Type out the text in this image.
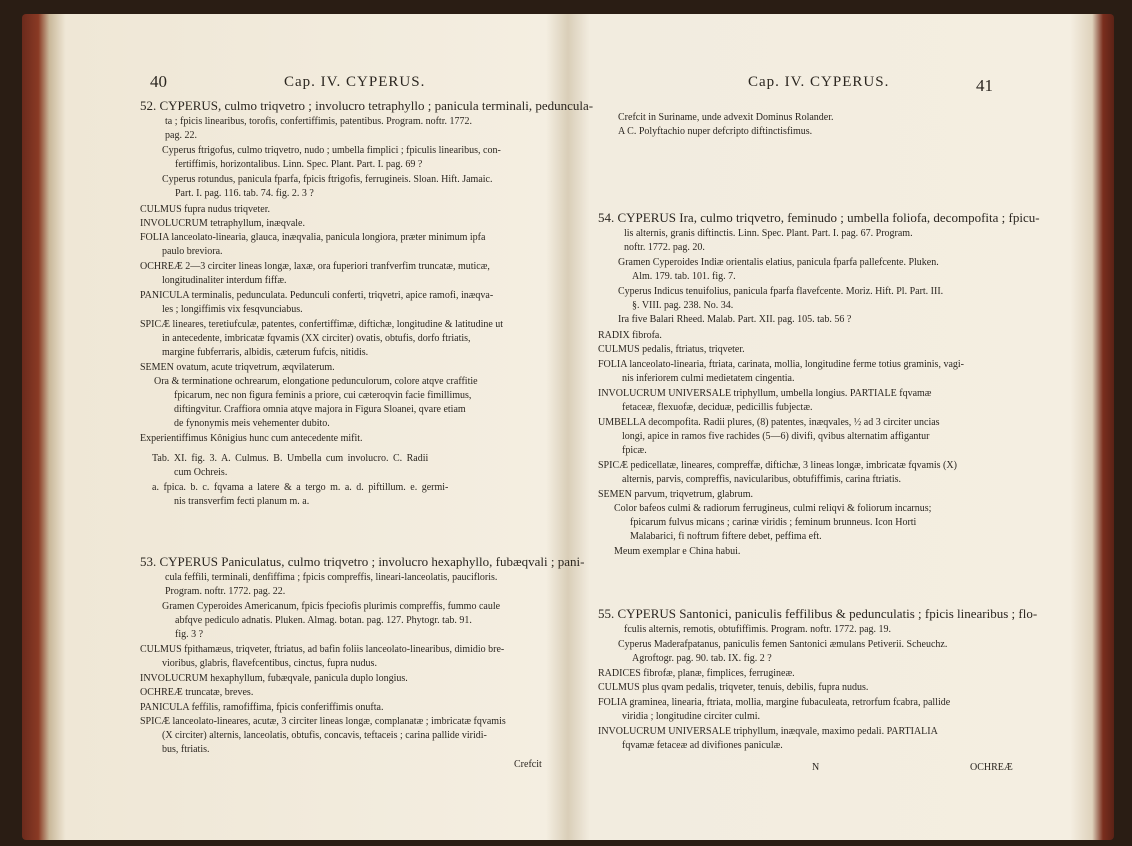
40	Cap. IV. CYPERUS.
52. CYPERUS, culmo triqvetro ; involucro tetraphyllo ; panicula terminali, peduncula-
ta ; fpicis linearibus, torofis, confertiffimis, patentibus. Program. noftr. 1772.
pag. 22.
Cyperus ftrigofus, culmo triqvetro, nudo ; umbella fimplici ; fpiculis linearibus, con-
fertiffimis, horizontalibus. Linn. Spec. Plant. Part. I. pag. 69 ?
Cyperus rotundus, panicula fparfa, fpicis ftrigofis, ferrugineis. Sloan. Hift. Jamaic.
Part. I. pag. 116. tab. 74. fig. 2. 3 ?
CULMUS fupra nudus triqveter.
INVOLUCRUM tetraphyllum, inæqvale.
FOLIA lanceolato-linearia, glauca, inæqvalia, panicula longiora, præter minimum ipfa
paulo breviora.
OCHREÆ 2—3 circiter lineas longæ, laxæ, ora fuperiori tranfverfim truncatæ, muticæ,
longitudinaliter interdum fiffæ.
PANICULA terminalis, pedunculata. Pedunculi conferti, triqvetri, apice ramofi, inæqva-
les ; longiffimis vix fesqvunciabus.
SPICÆ lineares, teretiufculæ, patentes, confertiffimæ, diftichæ, longitudine & latitudine ut
in antecedente, imbricatæ fqvamis (XX circiter) ovatis, obtufis, dorfo ftriatis,
margine fubferraris, albidis, cæterum fufcis, nitidis.
SEMEN ovatum, acute triqvetrum, æqvilaterum.
Ora & terminatione ochrearum, elongatione pedunculorum, colore atqve craffitie
fpicarum, nec non figura feminis a priore, cui cæteroqvin facie fimillimus,
diftingvitur. Craffiora omnia atqve majora in Figura Sloanei, qvare etiam
de fynonymis meis vehementer dubito.
Experientiffimus Kônigius hunc cum antecedente mifit.
Tab. XI. fig. 3. A. Culmus. B. Umbella cum involucro. C. Radii
cum Ochreis.
a. fpica. b. c. fqvama a latere & a tergo m. a. d. piftillum. e. germi-
nis transverfim fecti planum m. a.
53. CYPERUS Paniculatus, culmo triqvetro ; involucro hexaphyllo, fubæqvali ; pani-
cula feffili, terminali, denfiffima ; fpicis compreffis, lineari-lanceolatis, paucifloris.
Program. noftr. 1772. pag. 22.
Gramen Cyperoides Americanum, fpicis fpeciofis plurimis compreffis, fummo caule
abfqve pediculo adnatis. Pluken. Almag. botan. pag. 127. Phytogr. tab. 91.
fig. 3 ?
CULMUS fpithamæus, triqveter, ftriatus, ad bafin foliis lanceolato-linearibus, dimidio bre-
vioribus, glabris, flavefcentibus, cinctus, fupra nudus.
INVOLUCRUM hexaphyllum, fubæqvale, panicula duplo longius.
OCHREÆ truncatæ, breves.
PANICULA feffilis, ramofiffima, fpicis conferiffimis onufta.
SPICÆ lanceolato-lineares, acutæ, 3 circiter lineas longæ, complanatæ ; imbricatæ fqvamis
(X circiter) alternis, lanceolatis, obtufis, concavis, teftaceis ; carina pallide viridi-
bus, ftriatis.
Crefcit
Cap. IV. CYPERUS.	41
Crefcit in Suriname, unde advexit Dominus Rolander.
A C. Polyftachio nuper defcripto diftinctisfimus.
54. CYPERUS Ira, culmo triqvetro, feminudo ; umbella foliofa, decompofita ; fpicu-
lis alternis, granis diftinctis. Linn. Spec. Plant. Part. I. pag. 67. Program.
noftr. 1772. pag. 20.
Gramen Cyperoides Indiæ orientalis elatius, panicula fparfa pallefcente. Pluken.
Alm. 179. tab. 101. fig. 7.
Cyperus Indicus tenuifolius, panicula fparfa flavefcente. Moriz. Hift. Pl. Part. III.
§. VIII. pag. 238. No. 34.
Ira five Balari Rheed. Malab. Part. XII. pag. 105. tab. 56 ?
RADIX fibrofa.
CULMUS pedalis, ftriatus, triqveter.
FOLIA lanceolato-linearia, ftriata, carinata, mollia, longitudine ferme totius graminis, vagi-
nis inferiorem culmi medietatem cingentia.
INVOLUCRUM UNIVERSALE triphyllum, umbella longius. PARTIALE fqvamæ
fetaceæ, flexuofæ, deciduæ, pedicillis fubjectæ.
UMBELLA decompofita. Radii plures, (8) patentes, inæqvales, ½ ad 3 circiter uncias
longi, apice in ramos five rachides (5—6) divifi, qvibus alternatim affigantur
fpicæ.
SPICÆ pedicellatæ, lineares, compreffæ, diftichæ, 3 lineas longæ, imbricatæ fqvamis (X)
alternis, parvis, compreffis, navicularibus, obtufiffimis, carina ftriatis.
SEMEN parvum, triqvetrum, glabrum.
Color bafeos culmi & radiorum ferrugineus, culmi reliqvi & foliorum incarnus;
fpicarum fulvus micans ; carinæ viridis ; feminum brunneus. Icon Horti
Malabarici, fi noftrum fiftere debet, peffima eft.
Meum exemplar e China habui.
55. CYPERUS Santonici, paniculis feffilibus & pedunculatis ; fpicis linearibus ; flo-
fculis alternis, remotis, obtufiffimis. Program. noftr. 1772. pag. 19.
Cyperus Maderafpatanus, paniculis femen Santonici æmulans Petiverii. Scheuchz.
Agroftogr. pag. 90. tab. IX. fig. 2 ?
RADICES fibrofæ, planæ, fimplices, ferrugineæ.
CULMUS plus qvam pedalis, triqveter, tenuis, debilis, fupra nudus.
FOLIA graminea, linearia, ftriata, mollia, margine fubaculeata, retrorfum fcabra, pallide
viridia ; longitudine circiter culmi.
INVOLUCRUM UNIVERSALE triphyllum, inæqvale, maximo pedali. PARTIALIA
fqvamæ fetaceæ ad divifiones paniculæ.
N	OCHREÆ
